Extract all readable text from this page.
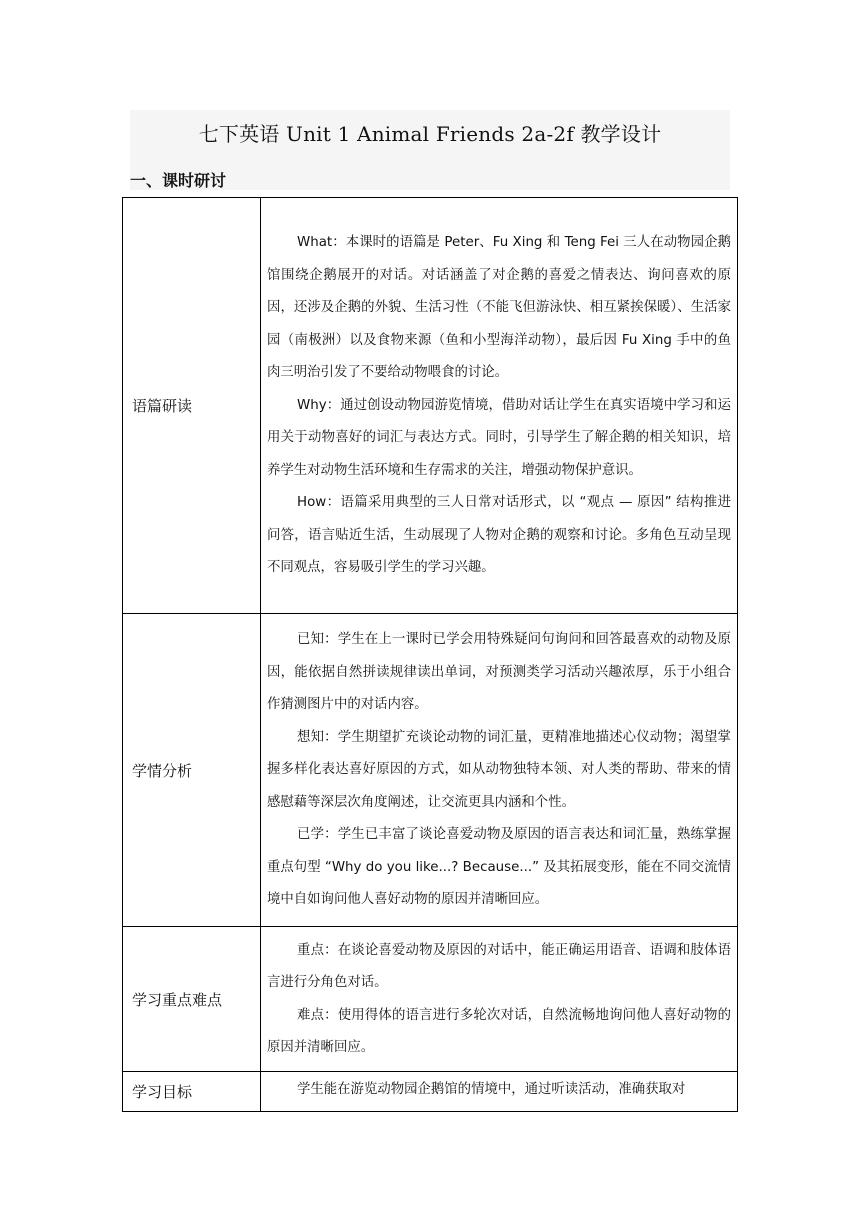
七下英语 Unit 1 Animal Friends 2a-2f 教学设计
一、课时研讨
语篇研读	What：本课时的语篇是 Peter、Fu Xing 和 Teng Fei 三人在动物园企鹅馆围绕企鹅展开的对话。对话涵盖了对企鹅的喜爱之情表达、询问喜欢的原因，还涉及企鹅的外貌、生活习性（不能飞但游泳快、相互紧挨保暖）、生活家园（南极洲）以及食物来源（鱼和小型海洋动物），最后因 Fu Xing 手中的鱼肉三明治引发了不要给动物喂食的讨论。

Why：通过创设动物园游览情境，借助对话让学生在真实语境中学习和运用关于动物喜好的词汇与表达方式。同时，引导学生了解企鹅的相关知识，培养学生对动物生活环境和生存需求的关注，增强动物保护意识。

How：语篇采用典型的三人日常对话形式，以 “观点 — 原因” 结构推进问答，语言贴近生活，生动展现了人物对企鹅的观察和讨论。多角色互动呈现不同观点，容易吸引学生的学习兴趣。

学情分析	已知：学生在上一课时已学会用特殊疑问句询问和回答最喜欢的动物及原因，能依据自然拼读规律读出单词，对预测类学习活动兴趣浓厚，乐于小组合作猜测图片中的对话内容。

想知：学生期望扩充谈论动物的词汇量，更精准地描述心仪动物；渴望掌握多样化表达喜好原因的方式，如从动物独特本领、对人类的帮助、带来的情感慰藉等深层次角度阐述，让交流更具内涵和个性。

已学：学生已丰富了谈论喜爱动物及原因的语言表达和词汇量，熟练掌握重点句型 “Why do you like...? Because...” 及其拓展变形，能在不同交流情境中自如询问他人喜好动物的原因并清晰回应。

学习重点难点	重点：在谈论喜爱动物及原因的对话中，能正确运用语音、语调和肢体语言进行分角色对话。

难点：使用得体的语言进行多轮次对话，自然流畅地询问他人喜好动物的原因并清晰回应。

学习目标	学生能在游览动物园企鹅馆的情境中，通过听读活动，准确获取对
